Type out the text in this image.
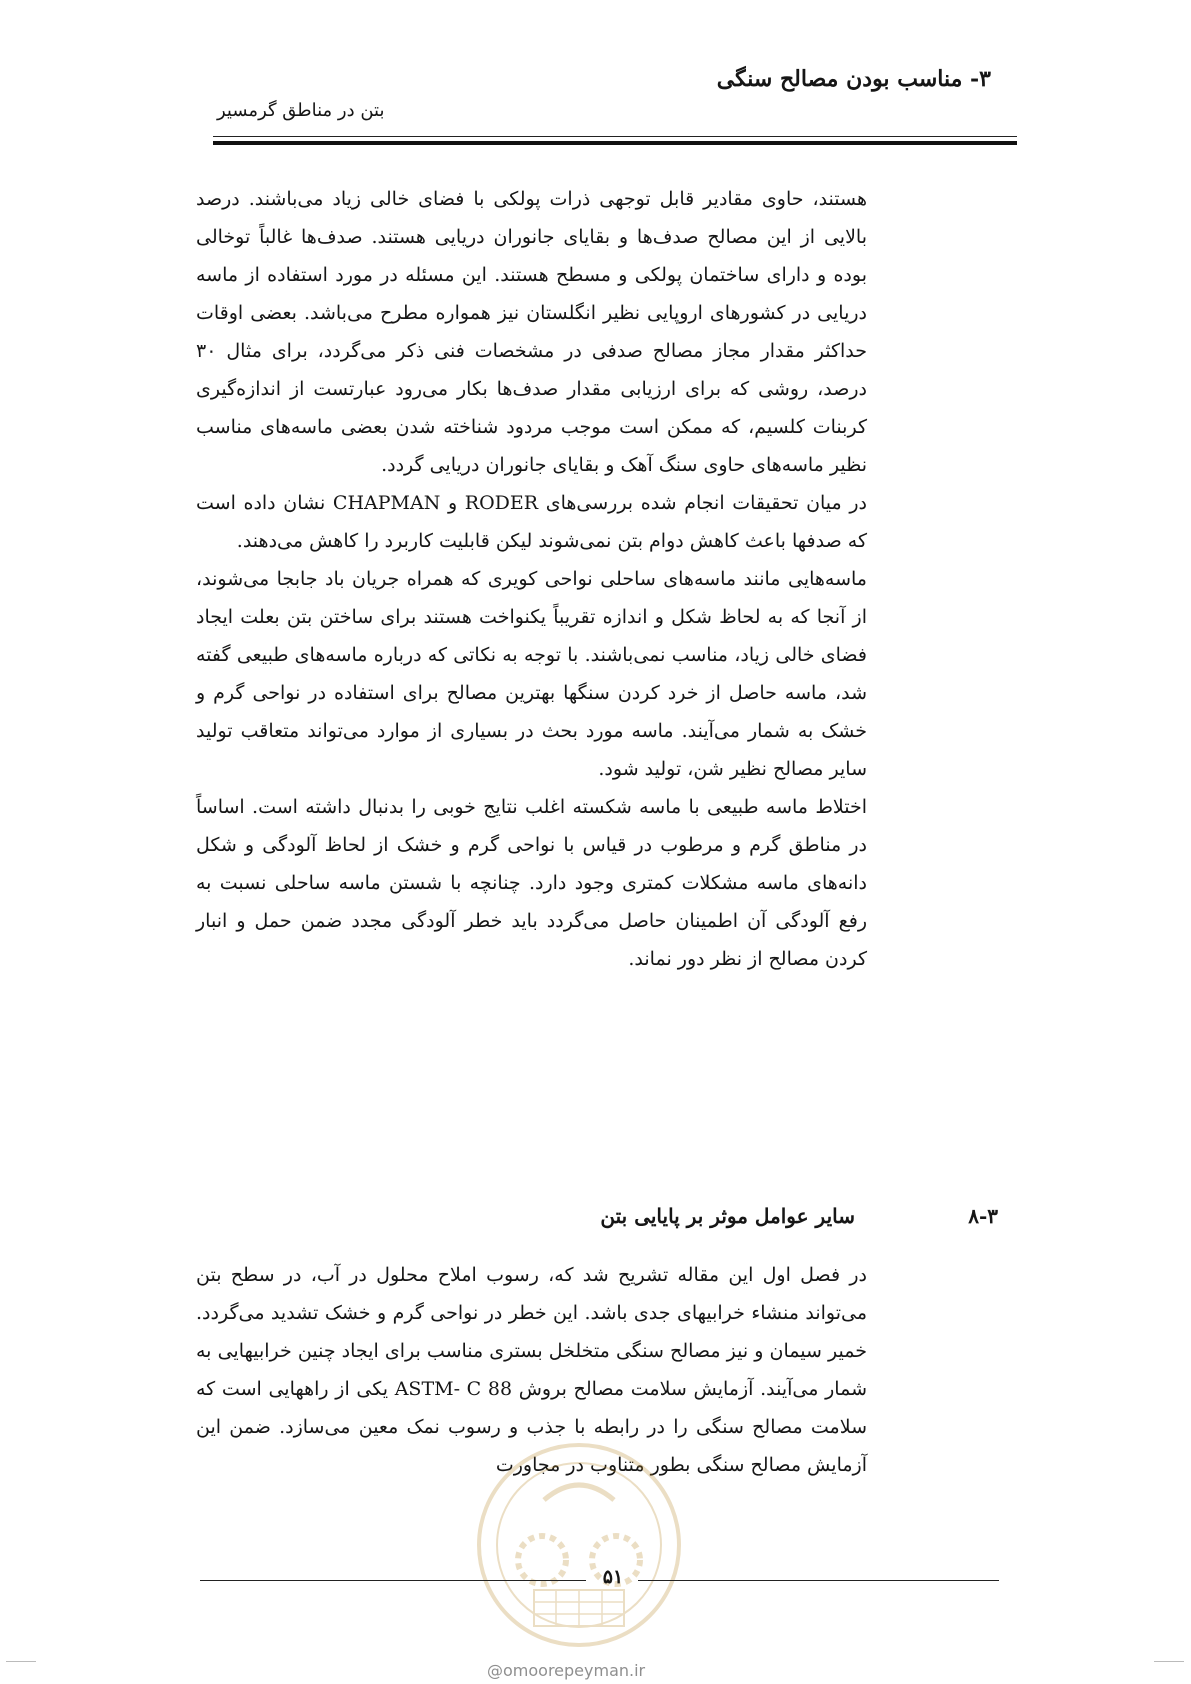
۳- مناسب بودن مصالح سنگی
بتن در مناطق گرمسیر

هستند، حاوی مقادیر قابل توجهی ذرات پولکی با فضای خالی زیاد می‌باشند. درصد بالایی از این مصالح صدف‌ها و بقایای جانوران دریایی هستند. صدف‌ها غالباً توخالی بوده و دارای ساختمان پولکی و مسطح هستند. این مسئله در مورد استفاده از ماسه دریایی در کشورهای اروپایی نظیر انگلستان نیز همواره مطرح می‌باشد. بعضی اوقات حداکثر مقدار مجاز مصالح صدفی در مشخصات فنی ذکر می‌گردد، برای مثال ۳۰ درصد، روشی که برای ارزیابی مقدار صدف‌ها بکار می‌رود عبارتست از اندازه‌گیری کربنات کلسیم، که ممکن است موجب مردود شناخته شدن بعضی ماسه‌های مناسب نظیر ماسه‌های حاوی سنگ آهک و بقایای جانوران دریایی گردد.

در میان تحقیقات انجام شده بررسی‌های RODER و CHAPMAN نشان داده است که صدفها باعث کاهش دوام بتن نمی‌شوند لیکن قابلیت کاربرد را کاهش می‌دهند.

ماسه‌هایی مانند ماسه‌های ساحلی نواحی کویری که همراه جریان باد جابجا می‌شوند، از آنجا که به لحاظ شکل و اندازه تقریباً یکنواخت هستند برای ساختن بتن بعلت ایجاد فضای خالی زیاد، مناسب نمی‌باشند. با توجه به نکاتی که درباره ماسه‌های طبیعی گفته شد، ماسه حاصل از خرد کردن سنگها بهترین مصالح برای استفاده در نواحی گرم و خشک به شمار می‌آیند. ماسه مورد بحث در بسیاری از موارد می‌تواند متعاقب تولید سایر مصالح نظیر شن، تولید شود.

اختلاط ماسه طبیعی با ماسه شکسته اغلب نتایج خوبی را بدنبال داشته است. اساساً در مناطق گرم و مرطوب در قیاس با نواحی گرم و خشک از لحاظ آلودگی و شکل دانه‌های ماسه مشکلات کمتری وجود دارد. چنانچه با شستن ماسه ساحلی نسبت به رفع آلودگی آن اطمینان حاصل می‌گردد باید خطر آلودگی مجدد ضمن حمل و انبار کردن مصالح از نظر دور نماند.

۸-۳
سایر عوامل موثر بر پایایی بتن

در فصل اول این مقاله تشریح شد که، رسوب املاح محلول در آب، در سطح بتن می‌تواند منشاء خرابیهای جدی باشد. این خطر در نواحی گرم و خشک تشدید می‌گردد. خمیر سیمان و نیز مصالح سنگی متخلخل بستری مناسب برای ایجاد چنین خرابیهایی به شمار می‌آیند. آزمایش سلامت مصالح بروش ASTM- C 88 یکی از راههایی است که سلامت مصالح سنگی را در رابطه با جذب و رسوب نمک معین می‌سازد. ضمن این آزمایش مصالح سنگی بطور متناوب در مجاورت

۵۱
@omoorepeyman.ir
